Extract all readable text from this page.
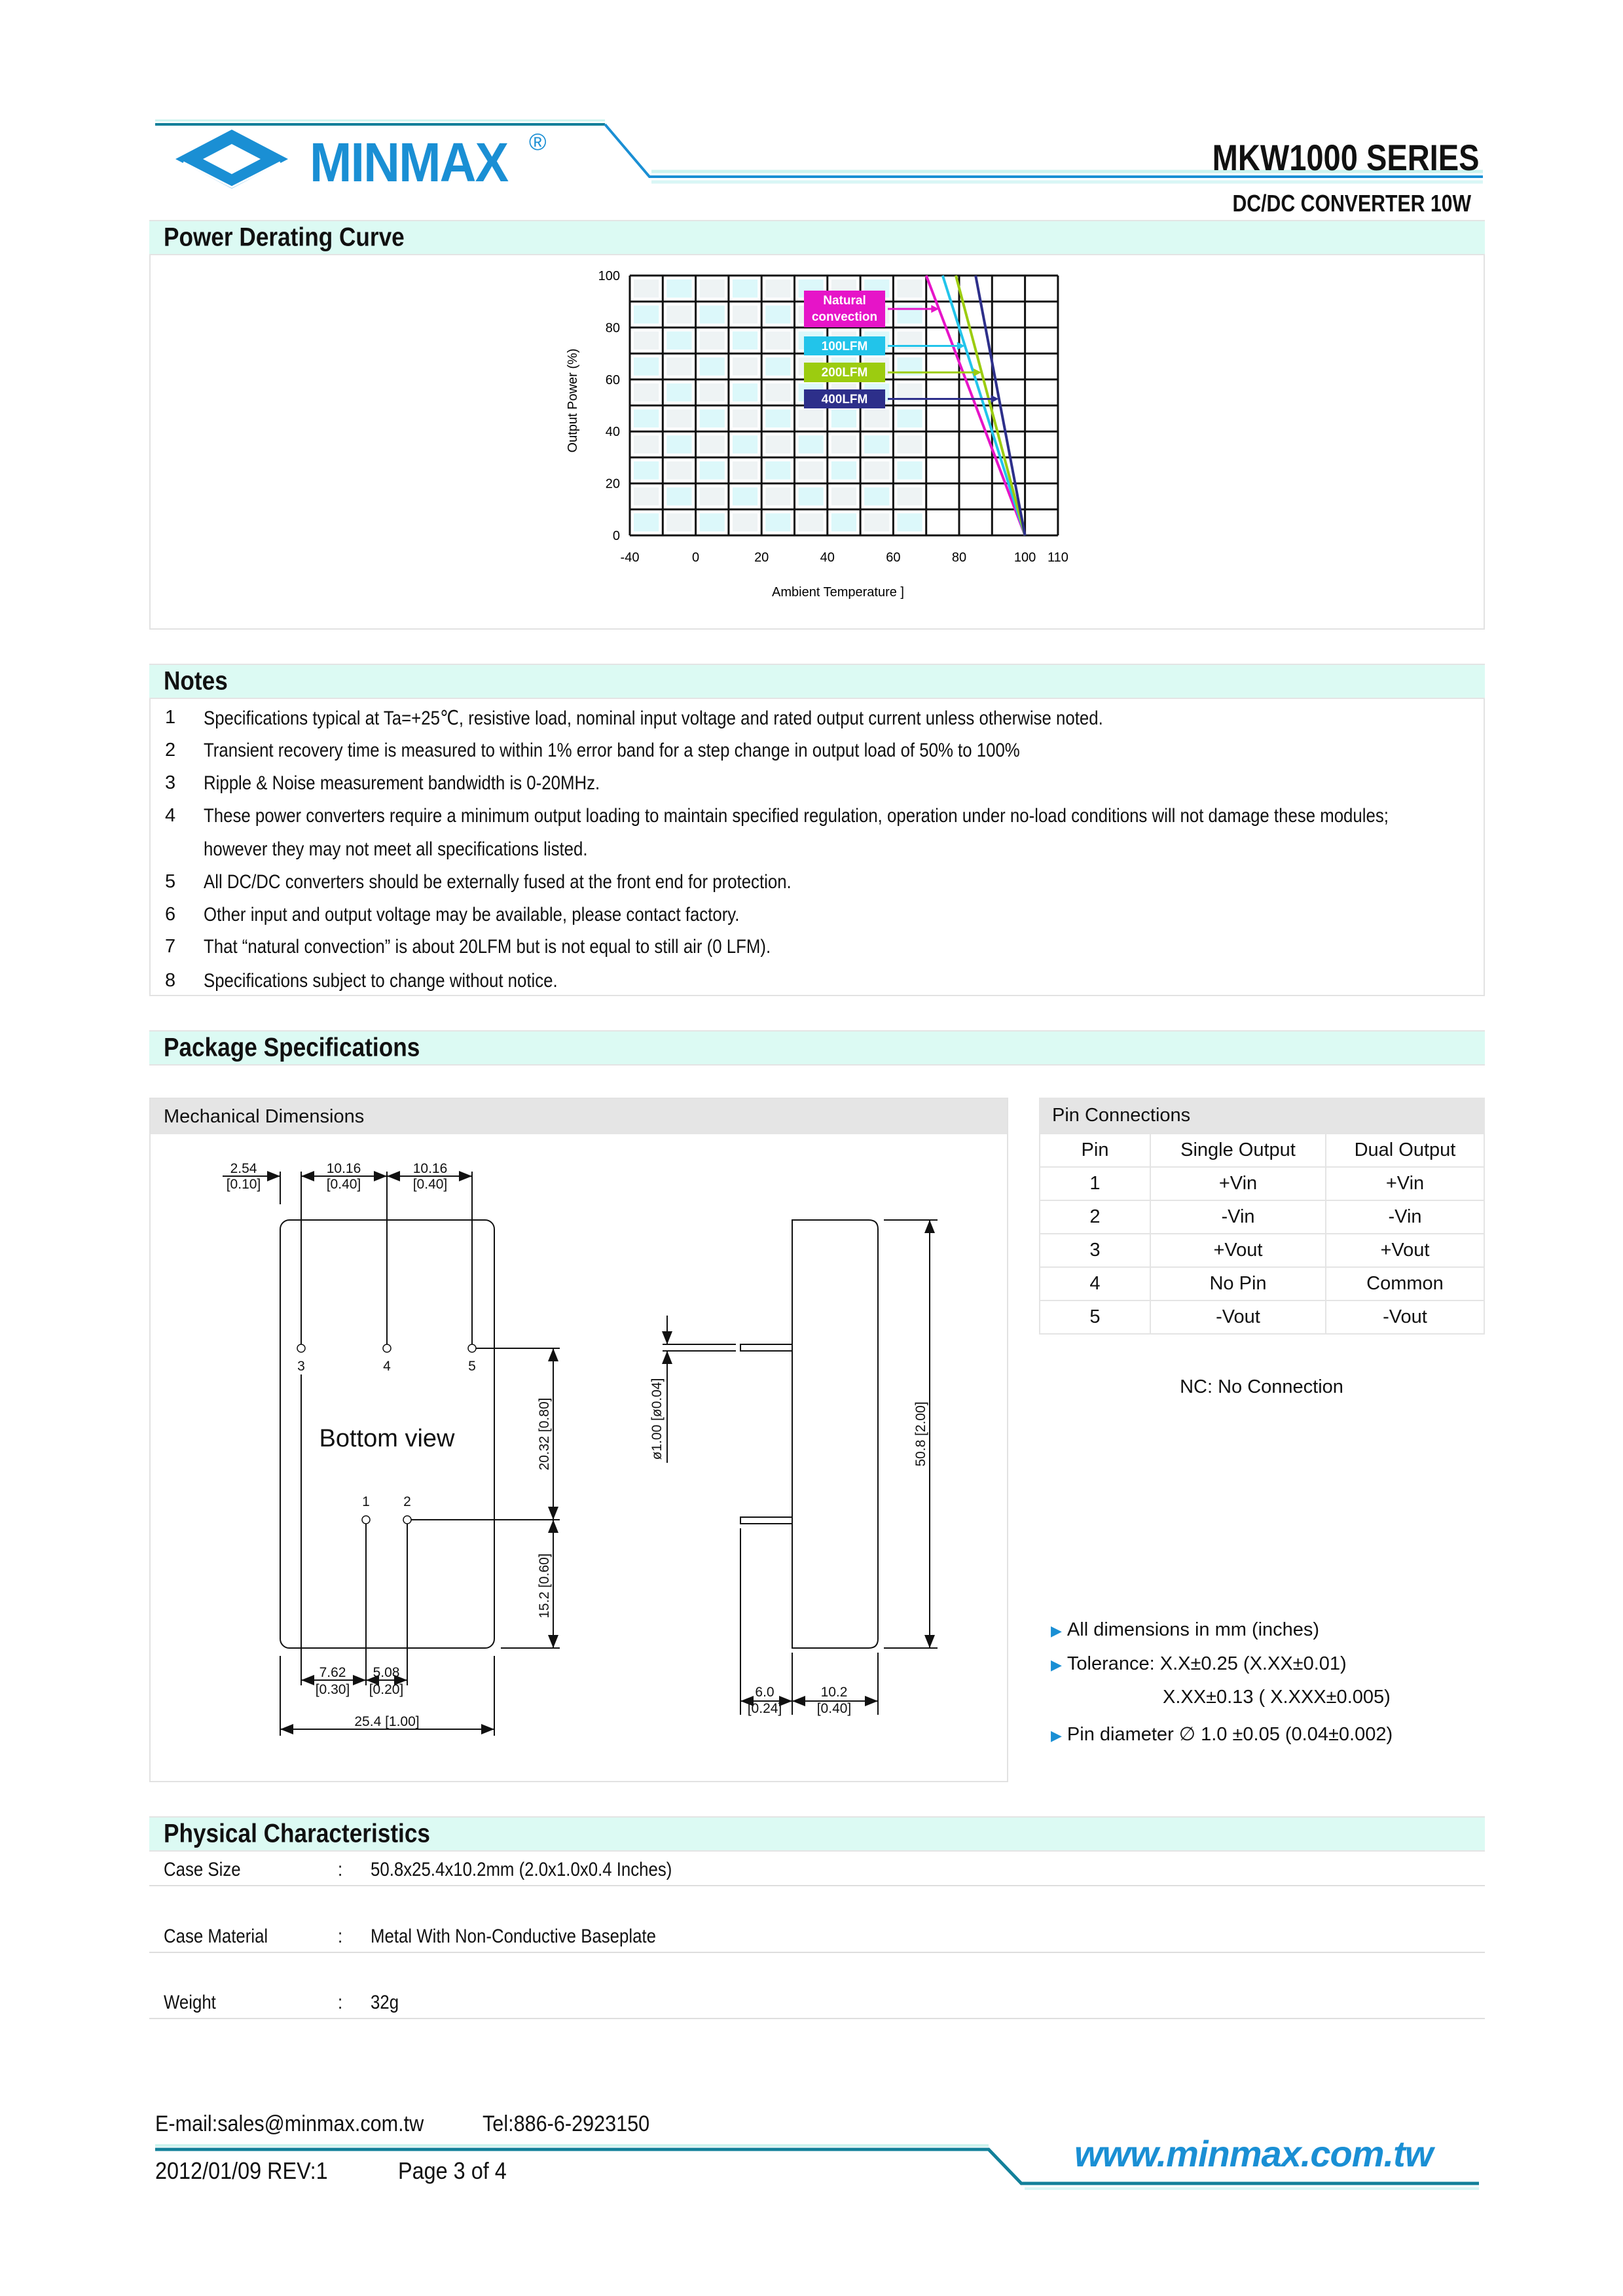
MINMAX ®	MKW1000 SERIES
DC/DC CONVERTER 10W
Power Derating Curve
-40	0	20	40	60	80	100 110
100
80
60
40
20
0
Ambient Temperature ]
Output Power (%)
Natural
convection
100LFM
200LFM
400LFM
Notes
1 Specifications typical at Ta=+25℃, resistive load, nominal input voltage and rated output current unless otherwise noted.
2 Transient recovery time is measured to within 1% error band for a step change in output load of 50% to 100%
3 Ripple & Noise measurement bandwidth is 0-20MHz.
4 These power converters require a minimum output loading to maintain specified regulation, operation under no-load conditions will not damage these modules;
however they may not meet all specifications listed.
5 All DC/DC converters should be externally fused at the front end for protection.
6 Other input and output voltage may be available, please contact factory.
7 That “natural convection” is about 20LFM but is not equal to still air (0 LFM).
8 Specifications subject to change without notice.
Package Specifications
Mechanical Dimensions
3	4	5
1 2
Bottom view
2.54
[0.10]
10.16
[0.40]
10.16
[0.40]
7.62
[0.30]
5.08
[0.20]
25.4 [1.00]
6.0
[0.24]
10.2
[0.40]
20.32 [0.80]
15.2 [0.60]
ø1.00 [ø0.04]	50.8 [2.00]
Pin Connections
Pin	Single Output	Dual Output
1	+Vin	+Vin
2	-Vin	-Vin
3	+Vout	+Vout
4	No Pin	Common
5	-Vout	-Vout
NC: No Connection
▶ All dimensions in mm (inches)
▶ Tolerance: X.X±0.25 (X.XX±0.01)
X.XX±0.13 ( X.XXX±0.005)
▶ Pin diameter ∅ 1.0 ±0.05 (0.04±0.002)
Physical Characteristics
Case Size	: 50.8x25.4x10.2mm (2.0x1.0x0.4 Inches)
Case Material	: Metal With Non-Conductive Baseplate
Weight	: 32g
E-mail:sales@minmax.com.tw	Tel:886-6-2923150
2012/01/09 REV:1	Page 3 of 4	www.minmax.com.tw
